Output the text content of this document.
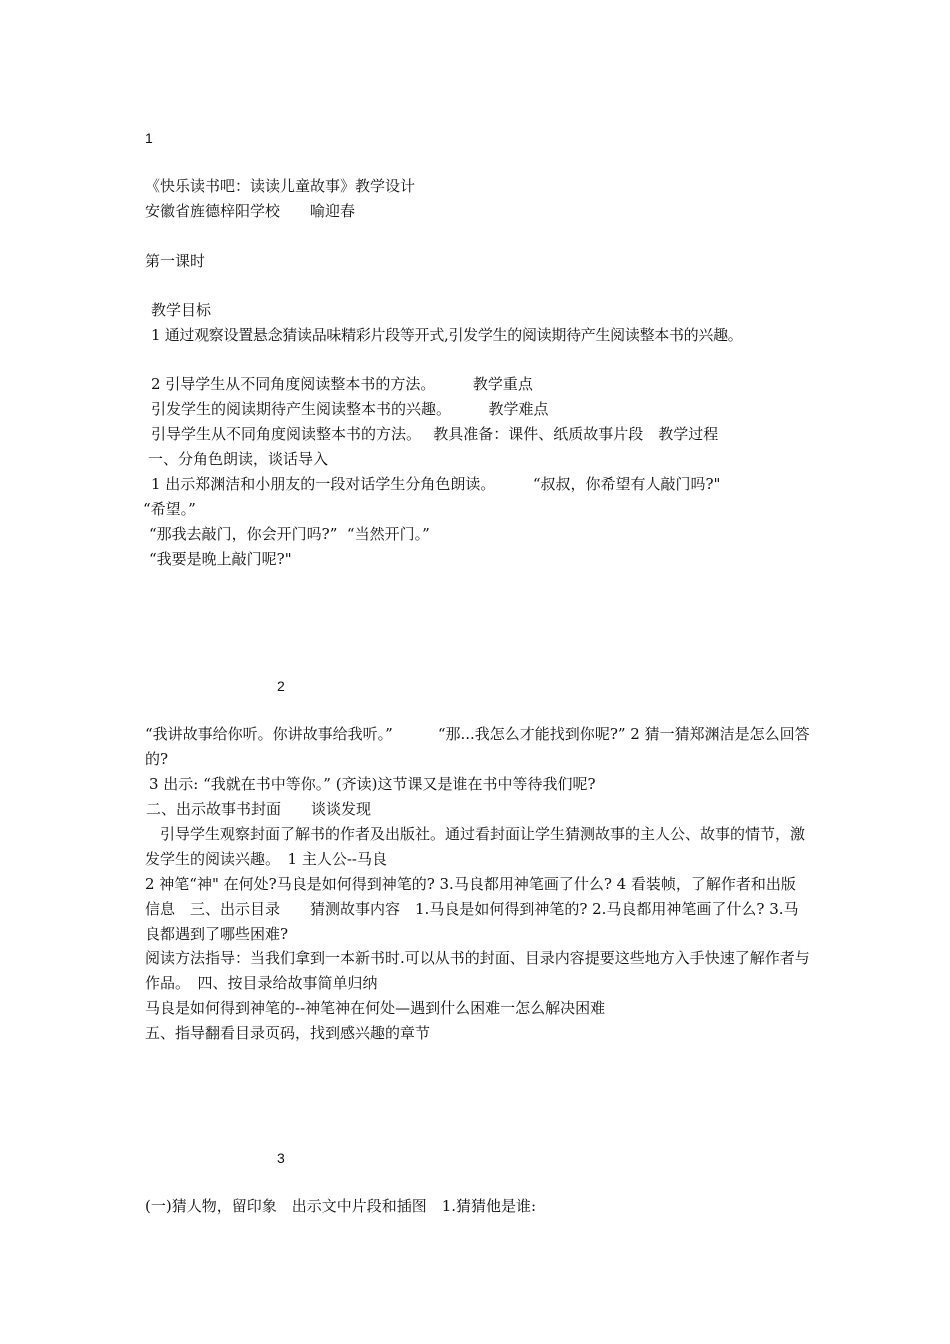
1
《快乐读书吧：读读儿童故事》教学设计
安徽省旌德梓阳学校　　喻迎春
第一课时
教学目标
1 通过观察设置悬念猜读品味精彩片段等开式,引发学生的阅读期待产生阅读整本书的兴趣。
2 引导学生从不同角度阅读整本书的方法。　　　教学重点
引发学生的阅读期待产生阅读整本书的兴趣。　　　教学难点
引导学生从不同角度阅读整本书的方法。　 教具准备：课件、纸质故事片段　教学过程
一、分角色朗读，谈话导入
1 出示郑渊洁和小朋友的一段对话学生分角色朗读。　　　“叔叔，你希望有人敲门吗?"
“希望。”
“那我去敲门，你会开门吗?”  “当然开门。”
“我要是晚上敲门呢?"
2
“我讲故事给你听。你讲故事给我听。”　　　“那...我怎么才能找到你呢?” 2 猜一猜郑渊洁是怎么回答的?
3 出示: “我就在书中等你。” (齐读)这节课又是谁在书中等待我们呢?
二、出示故事书封面　　谈谈发现
　引导学生观察封面了解书的作者及出版社。通过看封面让学生猜测故事的主人公、故事的情节，激发学生的阅读兴趣。　1 主人公--马良
2 神笔“神" 在何处?马良是如何得到神笔的? 3.马良都用神笔画了什么? 4 看装帧，了解作者和出版信息　三、出示目录　　猜测故事内容　1.马良是如何得到神笔的? 2.马良都用神笔画了什么? 3.马良都遇到了哪些困难?
阅读方法指导：当我们拿到一本新书时.可以从书的封面、目录内容提要这些地方入手快速了解作者与作品。　四、按目录给故事简单归纳
马良是如何得到神笔的--神笔神在何处—遇到什么困难一怎么解决困难
五、指导翻看目录页码，找到感兴趣的章节
3
(一)猜人物，留印象　出示文中片段和插图　1.猜猜他是谁:
